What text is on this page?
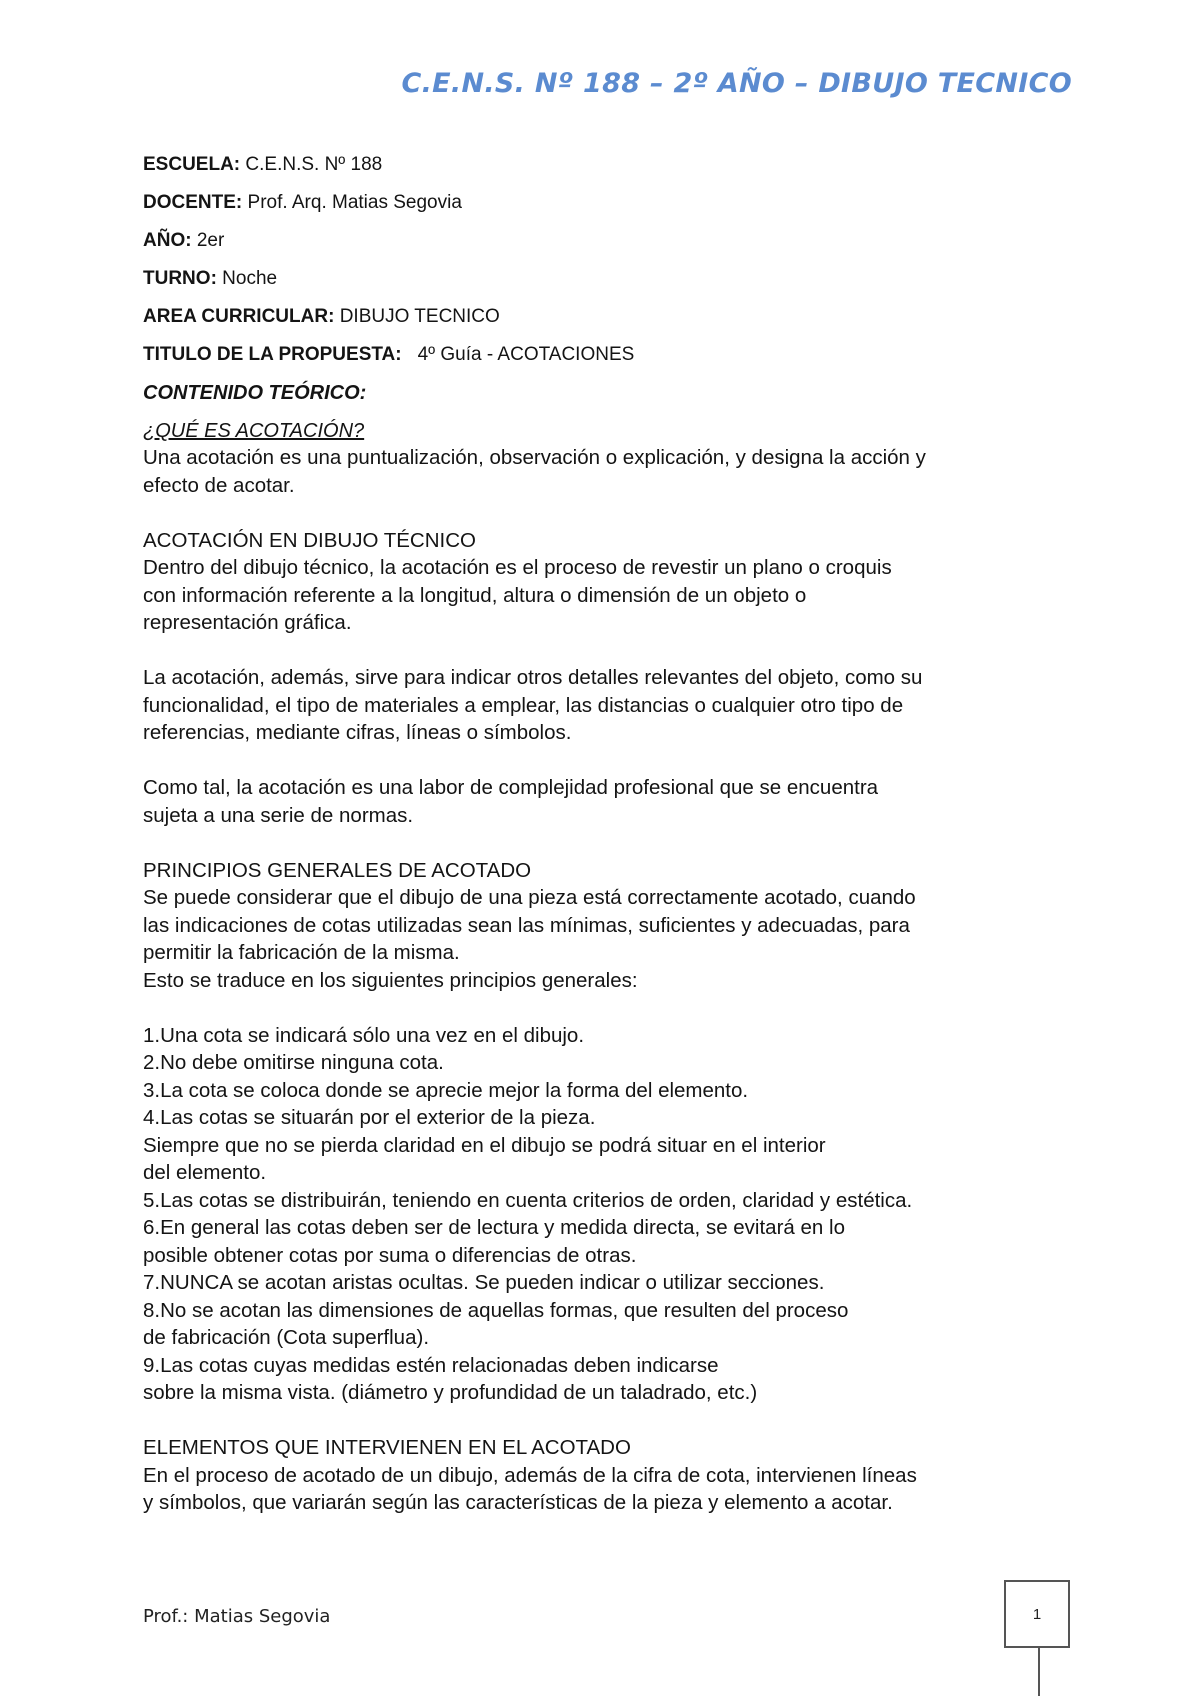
C.E.N.S. Nº 188 – 2º AÑO – DIBUJO TECNICO

ESCUELA: C.E.N.S. Nº 188

DOCENTE: Prof. Arq. Matias Segovia

AÑO: 2er

TURNO: Noche

AREA CURRICULAR: DIBUJO TECNICO

TITULO DE LA PROPUESTA: 4º Guía - ACOTACIONES

CONTENIDO TEÓRICO:
¿QUÉ ES ACOTACIÓN?

Una acotación es una puntualización, observación o explicación, y designa la acción y

efecto de acotar.

ACOTACIÓN EN DIBUJO TÉCNICO

Dentro del dibujo técnico, la acotación es el proceso de revestir un plano o croquis

con información referente a la longitud, altura o dimensión de un objeto o

representación gráfica.

La acotación, además, sirve para indicar otros detalles relevantes del objeto, como su

funcionalidad, el tipo de materiales a emplear, las distancias o cualquier otro tipo de

referencias, mediante cifras, líneas o símbolos.

Como tal, la acotación es una labor de complejidad profesional que se encuentra

sujeta a una serie de normas.

PRINCIPIOS GENERALES DE ACOTADO

Se puede considerar que el dibujo de una pieza está correctamente acotado, cuando

las indicaciones de cotas utilizadas sean las mínimas, suficientes y adecuadas, para

permitir la fabricación de la misma.

Esto se traduce en los siguientes principios generales:

1.Una cota se indicará sólo una vez en el dibujo.

2.No debe omitirse ninguna cota.

3.La cota se coloca donde se aprecie mejor la forma del elemento.

4.Las cotas se situarán por el exterior de la pieza.

Siempre que no se pierda claridad en el dibujo se podrá situar en el interior

del elemento.

5.Las cotas se distribuirán, teniendo en cuenta criterios de orden, claridad y estética.

6.En general las cotas deben ser de lectura y medida directa, se evitará en lo

posible obtener cotas por suma o diferencias de otras.

7.NUNCA se acotan aristas ocultas. Se pueden indicar o utilizar secciones.

8.No se acotan las dimensiones de aquellas formas, que resulten del proceso

de fabricación (Cota superflua).

9.Las cotas cuyas medidas estén relacionadas deben indicarse

sobre la misma vista. (diámetro y profundidad de un taladrado, etc.)

ELEMENTOS QUE INTERVIENEN EN EL ACOTADO

En el proceso de acotado de un dibujo, además de la cifra de cota, intervienen líneas

y símbolos, que variarán según las características de la pieza y elemento a acotar.

Prof.: Matias Segovia	1
